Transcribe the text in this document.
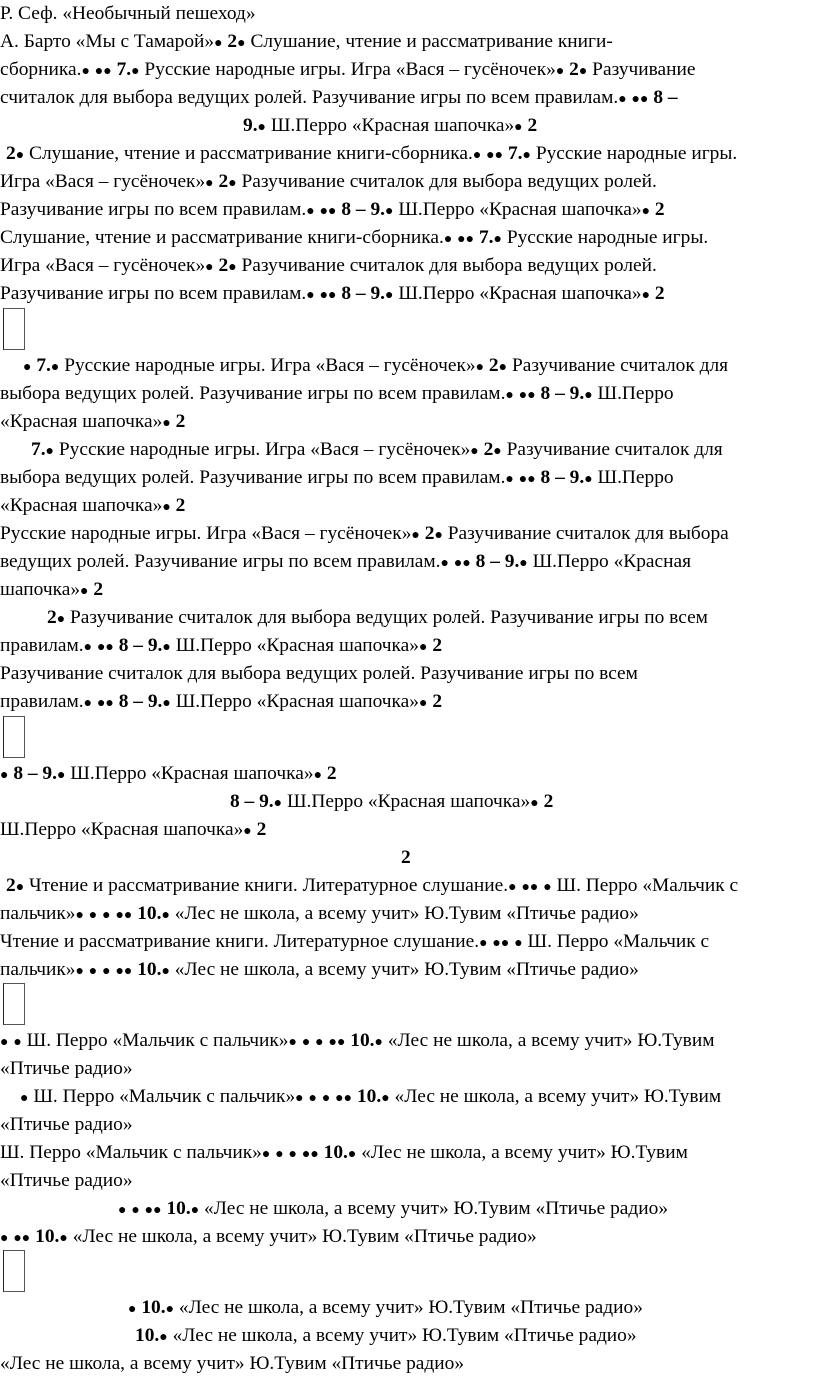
Р. Сеф. «Необычный пешеход»
А. Барто «Мы с Тамарой»● 2● Слушание, чтение и рассматривание книги-
сборника.● ●● 7.● Русские народные игры. Игра «Вася – гусёночек»● 2● Разучивание
считалок для выбора ведущих ролей. Разучивание игры по всем правилам.● ●● 8 –
9.● Ш.Перро «Красная шапочка»● 2
2● Слушание, чтение и рассматривание книги-сборника.● ●● 7.● Русские народные игры.
Игра «Вася – гусёночек»● 2● Разучивание считалок для выбора ведущих ролей.
Разучивание игры по всем правилам.● ●● 8 – 9.● Ш.Перро «Красная шапочка»● 2
Слушание, чтение и рассматривание книги-сборника.● ●● 7.● Русские народные игры.
Игра «Вася – гусёночек»● 2● Разучивание считалок для выбора ведущих ролей.
Разучивание игры по всем правилам.● ●● 8 – 9.● Ш.Перро «Красная шапочка»● 2
● 7.● Русские народные игры. Игра «Вася – гусёночек»● 2● Разучивание считалок для
выбора ведущих ролей. Разучивание игры по всем правилам.● ●● 8 – 9.● Ш.Перро
«Красная шапочка»● 2
7.● Русские народные игры. Игра «Вася – гусёночек»● 2● Разучивание считалок для
выбора ведущих ролей. Разучивание игры по всем правилам.● ●● 8 – 9.● Ш.Перро
«Красная шапочка»● 2
Русские народные игры. Игра «Вася – гусёночек»● 2● Разучивание считалок для выбора
ведущих ролей. Разучивание игры по всем правилам.● ●● 8 – 9.● Ш.Перро «Красная
шапочка»● 2
2● Разучивание считалок для выбора ведущих ролей. Разучивание игры по всем
правилам.● ●● 8 – 9.● Ш.Перро «Красная шапочка»● 2
Разучивание считалок для выбора ведущих ролей. Разучивание игры по всем
правилам.● ●● 8 – 9.● Ш.Перро «Красная шапочка»● 2
● 8 – 9.● Ш.Перро «Красная шапочка»● 2
8 – 9.● Ш.Перро «Красная шапочка»● 2
Ш.Перро «Красная шапочка»● 2
2
2● Чтение и рассматривание книги. Литературное слушание.● ●● ● Ш. Перро «Мальчик с
пальчик»● ● ● ●● 10.● «Лес не школа, а всему учит» Ю.Тувим «Птичье радио»
Чтение и рассматривание книги. Литературное слушание.● ●● ● Ш. Перро «Мальчик с
пальчик»● ● ● ●● 10.● «Лес не школа, а всему учит» Ю.Тувим «Птичье радио»
● ● Ш. Перро «Мальчик с пальчик»● ● ● ●● 10.● «Лес не школа, а всему учит» Ю.Тувим
«Птичье радио»
● Ш. Перро «Мальчик с пальчик»● ● ● ●● 10.● «Лес не школа, а всему учит» Ю.Тувим
«Птичье радио»
Ш. Перро «Мальчик с пальчик»● ● ● ●● 10.● «Лес не школа, а всему учит» Ю.Тувим
«Птичье радио»
● ● ●● 10.● «Лес не школа, а всему учит» Ю.Тувим «Птичье радио»
● ●● 10.● «Лес не школа, а всему учит» Ю.Тувим «Птичье радио»
● 10.● «Лес не школа, а всему учит» Ю.Тувим «Птичье радио»
10.● «Лес не школа, а всему учит» Ю.Тувим «Птичье радио»
«Лес не школа, а всему учит» Ю.Тувим «Птичье радио»
